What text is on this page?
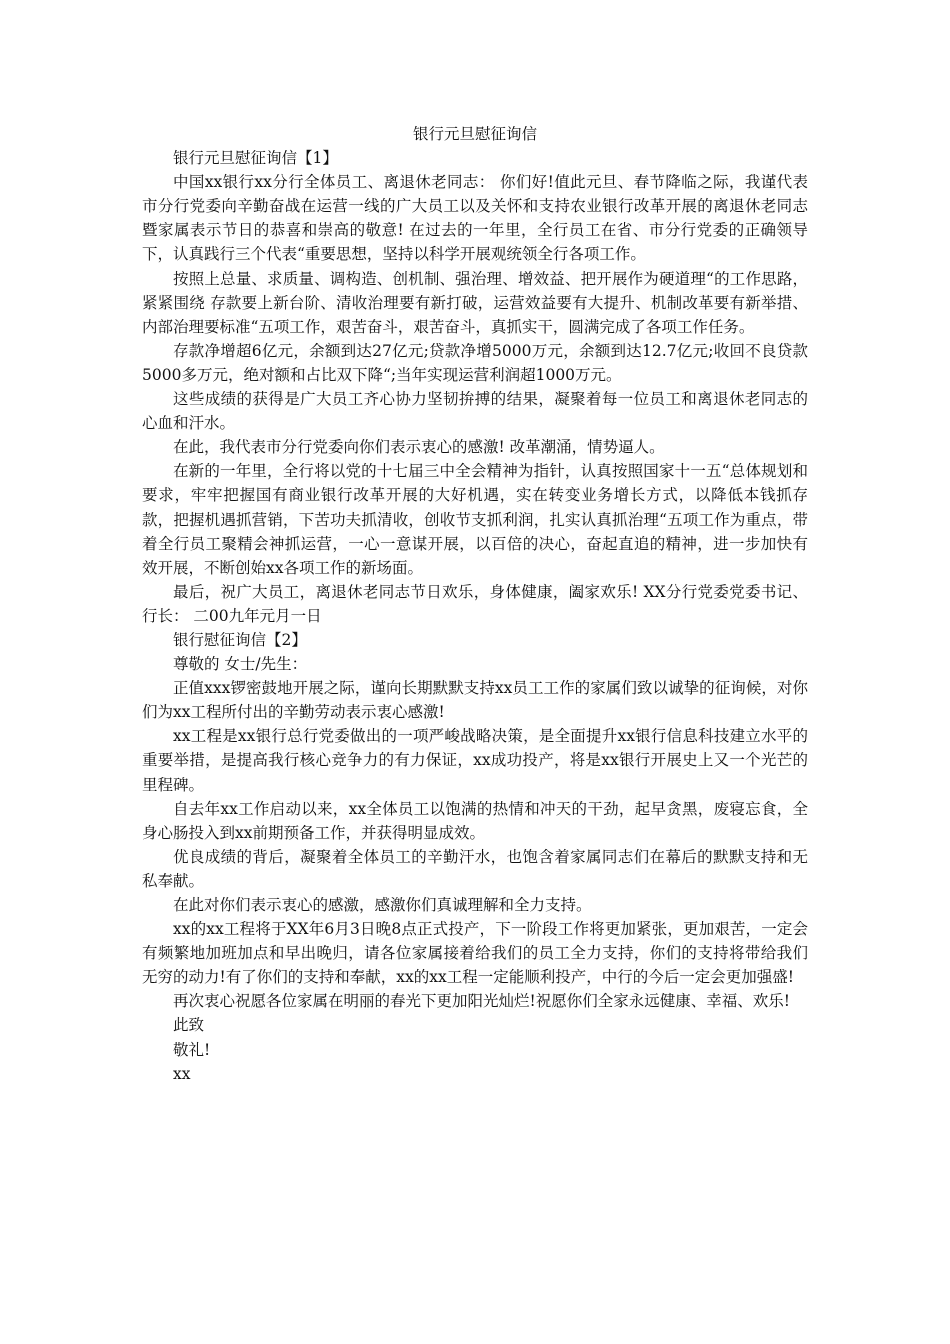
银行元旦慰征询信

银行元旦慰征询信【1】

中国xx银行xx分行全体员工、离退休老同志： 你们好!值此元旦、春节降临之际，我谨代表市分行党委向辛勤奋战在运营一线的广大员工以及关怀和支持农业银行改革开展的离退休老同志暨家属表示节日的恭喜和崇高的敬意! 在过去的一年里，全行员工在省、市分行党委的正确领导下，认真践行三个代表“重要思想，坚持以科学开展观统领全行各项工作。

按照上总量、求质量、调构造、创机制、强治理、增效益、把开展作为硬道理“的工作思路，紧紧围绕 存款要上新台阶、清收治理要有新打破，运营效益要有大提升、机制改革要有新举措、内部治理要标准“五项工作，艰苦奋斗，艰苦奋斗，真抓实干，圆满完成了各项工作任务。

存款净增超6亿元，余额到达27亿元;贷款净增5000万元，余额到达12.7亿元;收回不良贷款5000多万元，绝对额和占比双下降“;当年实现运营利润超1000万元。

这些成绩的获得是广大员工齐心协力坚韧拚搏的结果，凝聚着每一位员工和离退休老同志的心血和汗水。

在此，我代表市分行党委向你们表示衷心的感激! 改革潮涌，情势逼人。

在新的一年里，全行将以党的十七届三中全会精神为指针，认真按照国家十一五“总体规划和要求，牢牢把握国有商业银行改革开展的大好机遇，实在转变业务增长方式，以降低本钱抓存款，把握机遇抓营销，下苦功夫抓清收，创收节支抓利润，扎实认真抓治理“五项工作为重点，带着全行员工聚精会神抓运营，一心一意谋开展，以百倍的决心，奋起直追的精神，进一步加快有效开展，不断创始xx各项工作的新场面。

最后，祝广大员工，离退休老同志节日欢乐，身体健康，阖家欢乐! XX分行党委党委书记、行长： 二00九年元月一日

银行慰征询信【2】

尊敬的 女士/先生：

正值xxx锣密鼓地开展之际，谨向长期默默支持xx员工工作的家属们致以诚挚的征询候，对你们为xx工程所付出的辛勤劳动表示衷心感激!

xx工程是xx银行总行党委做出的一项严峻战略决策，是全面提升xx银行信息科技建立水平的重要举措，是提高我行核心竞争力的有力保证，xx成功投产，将是xx银行开展史上又一个光芒的里程碑。

自去年xx工作启动以来，xx全体员工以饱满的热情和冲天的干劲，起早贪黑，废寝忘食，全身心肠投入到xx前期预备工作，并获得明显成效。

优良成绩的背后，凝聚着全体员工的辛勤汗水，也饱含着家属同志们在幕后的默默支持和无私奉献。

在此对你们表示衷心的感激，感激你们真诚理解和全力支持。

xx的xx工程将于XX年6月3日晚8点正式投产，下一阶段工作将更加紧张，更加艰苦，一定会有频繁地加班加点和早出晚归，请各位家属接着给我们的员工全力支持，你们的支持将带给我们无穷的动力!有了你们的支持和奉献，xx的xx工程一定能顺利投产，中行的今后一定会更加强盛!

再次衷心祝愿各位家属在明丽的春光下更加阳光灿烂!祝愿你们全家永远健康、幸福、欢乐!

此致

敬礼!

xx
